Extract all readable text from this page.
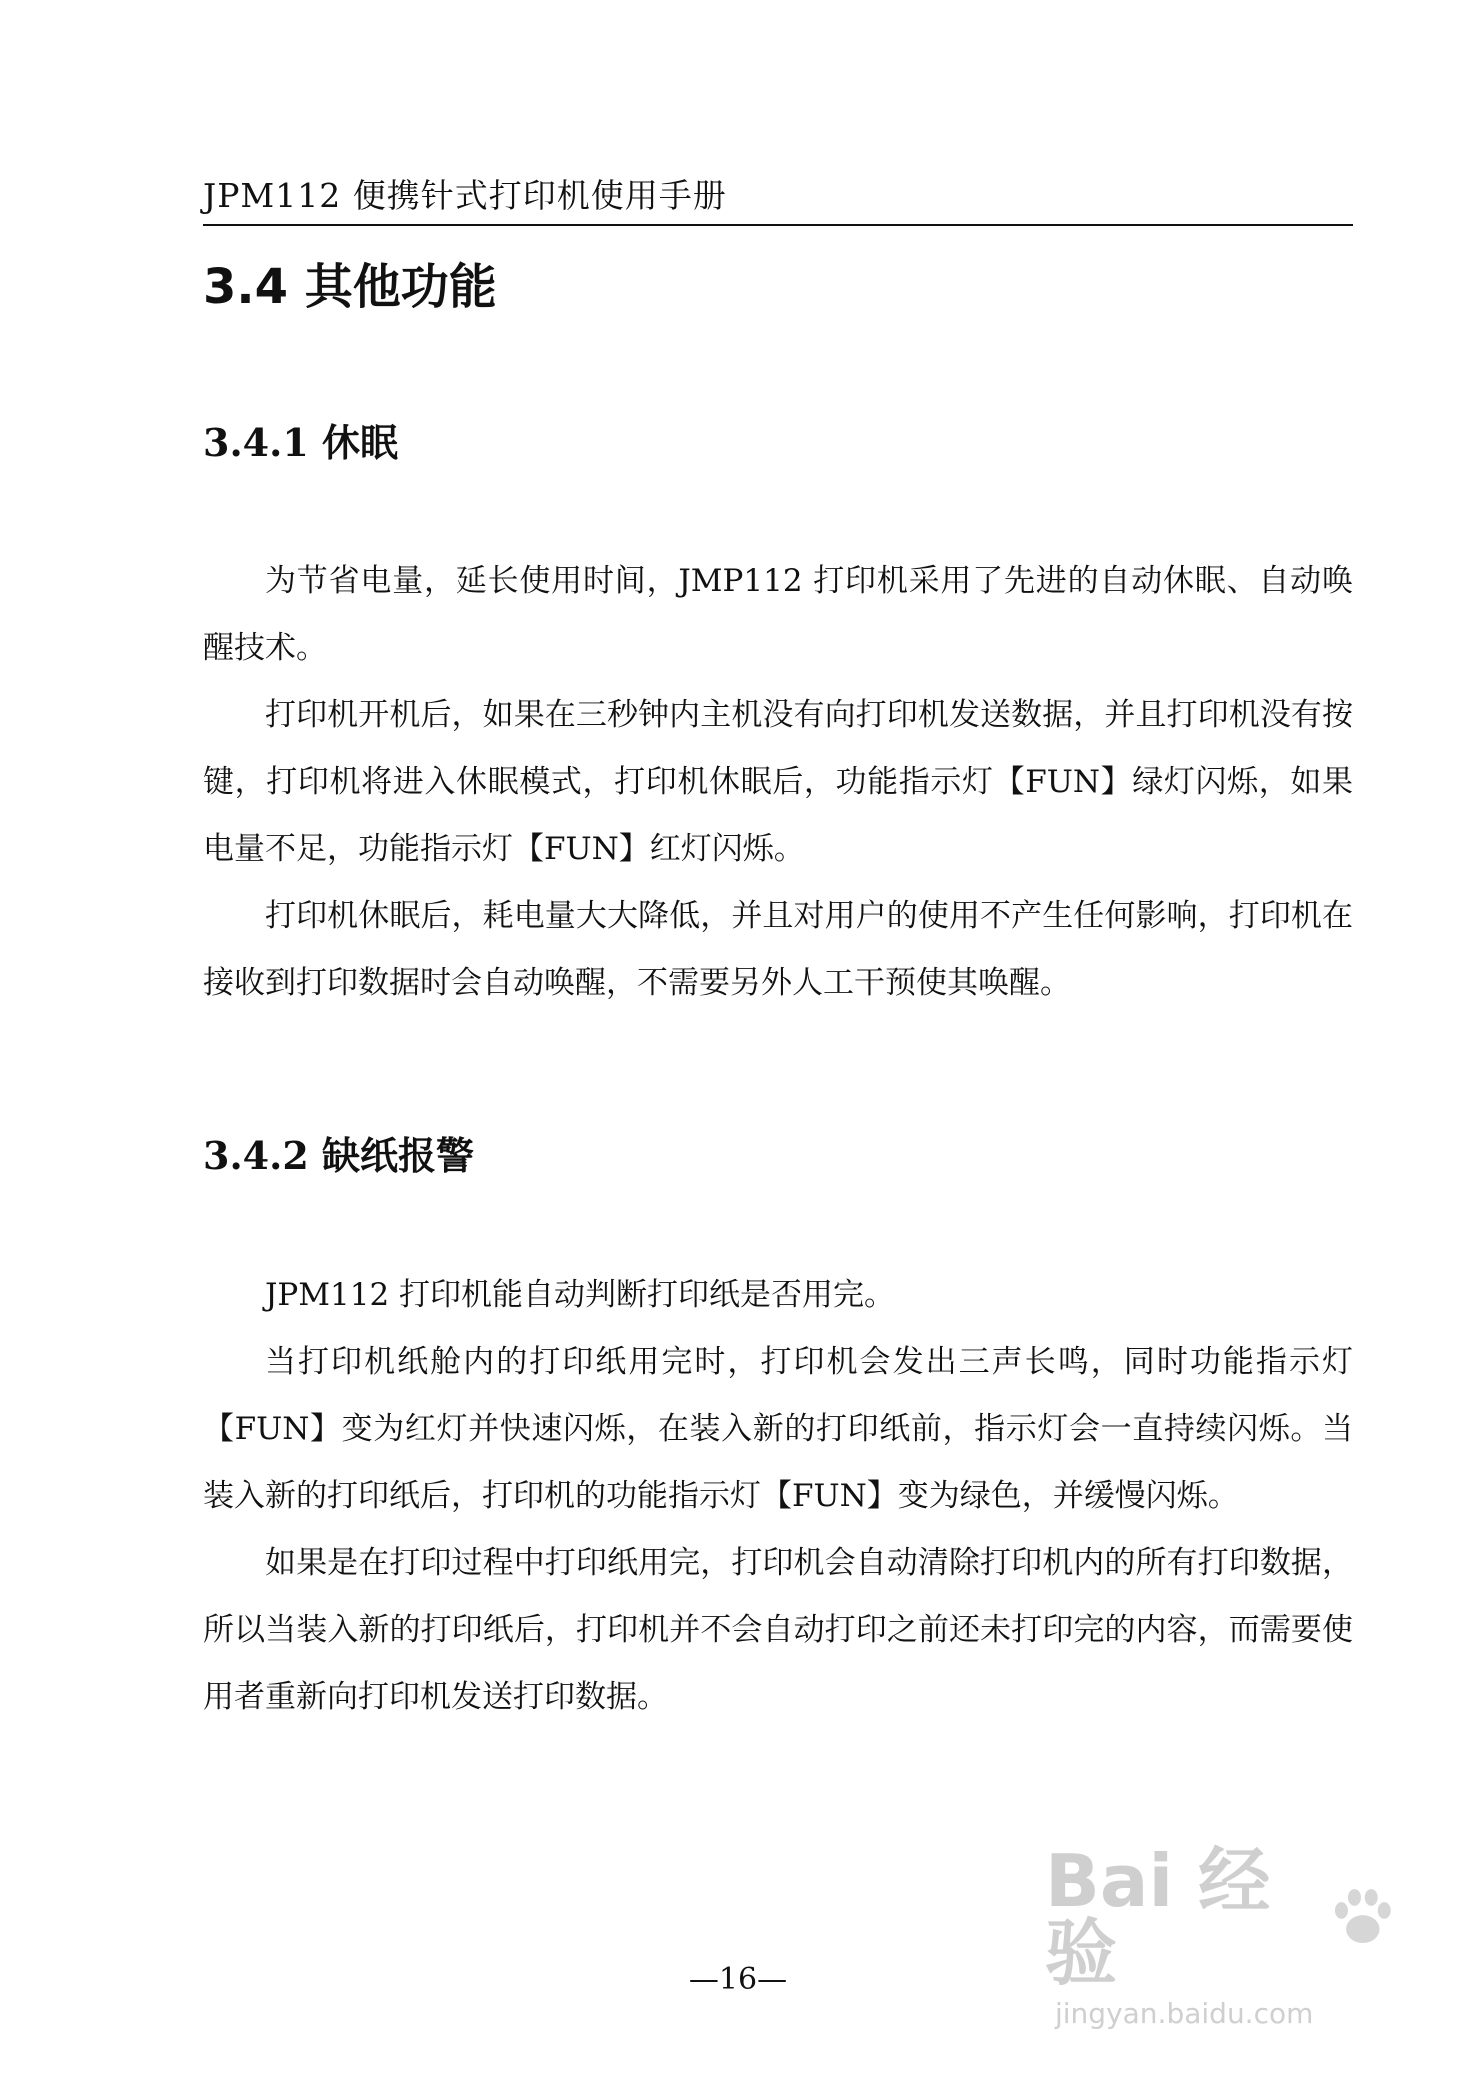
JPM112 便携针式打印机使用手册
3.4 其他功能
3.4.1 休眠

为节省电量，延长使用时间，JMP112 打印机采用了先进的自动休眠、自动唤醒技术。

打印机开机后，如果在三秒钟内主机没有向打印机发送数据，并且打印机没有按键，打印机将进入休眠模式，打印机休眠后，功能指示灯【FUN】绿灯闪烁，如果电量不足，功能指示灯【FUN】红灯闪烁。

打印机休眠后，耗电量大大降低，并且对用户的使用不产生任何影响，打印机在接收到打印数据时会自动唤醒，不需要另外人工干预使其唤醒。

3.4.2 缺纸报警

JPM112 打印机能自动判断打印纸是否用完。

当打印机纸舱内的打印纸用完时，打印机会发出三声长鸣，同时功能指示灯【FUN】变为红灯并快速闪烁，在装入新的打印纸前，指示灯会一直持续闪烁。当装入新的打印纸后，打印机的功能指示灯【FUN】变为绿色，并缓慢闪烁。

如果是在打印过程中打印纸用完，打印机会自动清除打印机内的所有打印数据，所以当装入新的打印纸后，打印机并不会自动打印之前还未打印完的内容，而需要使用者重新向打印机发送打印数据。

—16—
Bai 经验
jingyan.baidu.com
